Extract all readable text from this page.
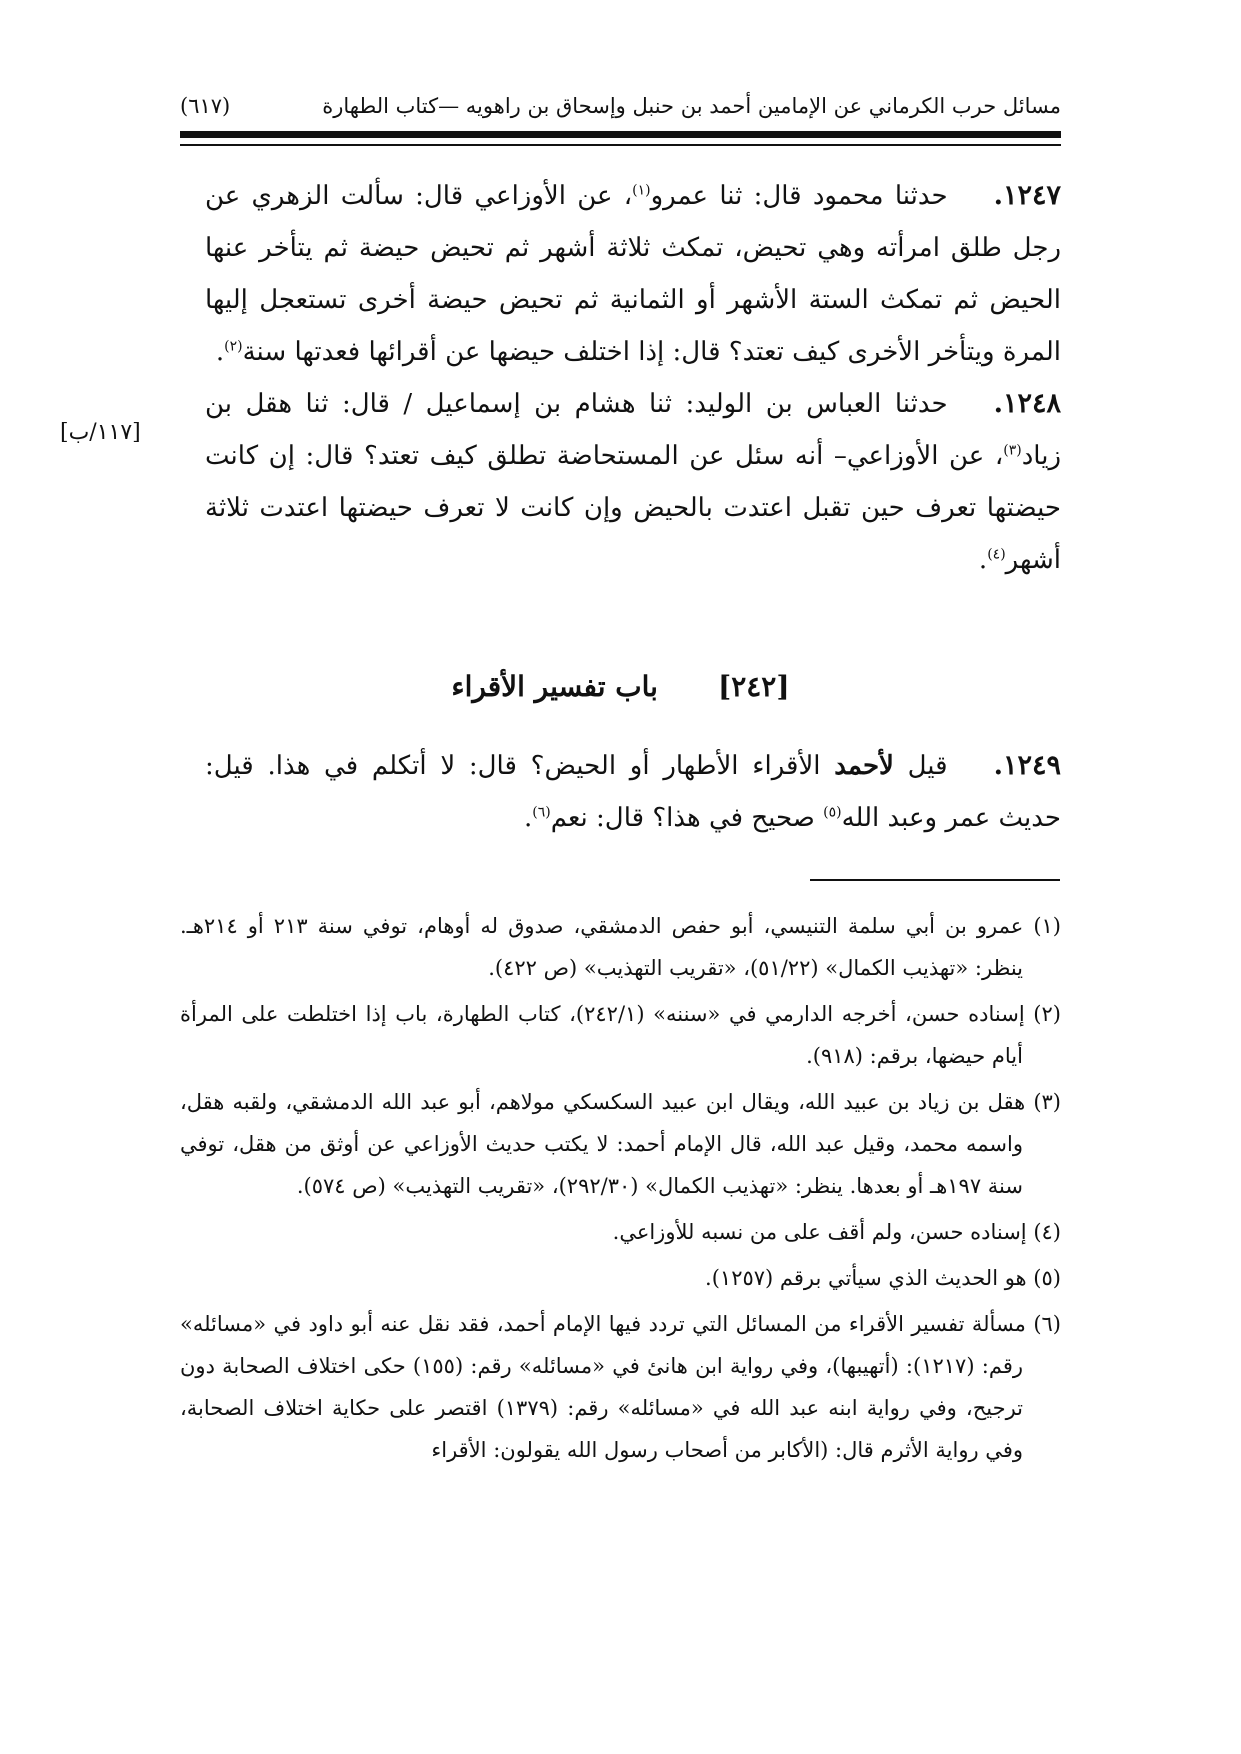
مسائل حرب الكرماني عن الإمامين أحمد بن حنبل وإسحاق بن راهويه —كتاب الطهارة
(٦١٧)
[١١٧/ب]
١٢٤٧.حدثنا محمود قال: ثنا عمرو$^{(١)}$، عن الأوزاعي قال: سألت الزهري عن رجل طلق امرأته وهي تحيض، تمكث ثلاثة أشهر ثم تحيض حيضة ثم يتأخر عنها الحيض ثم تمكث الستة الأشهر أو الثمانية ثم تحيض حيضة أخرى تستعجل إليها المرة ويتأخر الأخرى كيف تعتد؟ قال: إذا اختلف حيضها عن أقرائها فعدتها سنة$^{(٢)}$.
١٢٤٨.حدثنا العباس بن الوليد: ثنا هشام بن إسماعيل / قال: ثنا هقل بن زياد$^{(٣)}$، عن الأوزاعي– أنه سئل عن المستحاضة تطلق كيف تعتد؟ قال: إن كانت حيضتها تعرف حين تقبل اعتدت بالحيض وإن كانت لا تعرف حيضتها اعتدت ثلاثة أشهر$^{(٤)}$.
[٢٤٢]باب تفسير الأقراء
١٢٤٩.قيل لأحمد الأقراء الأطهار أو الحيض؟ قال: لا أتكلم في هذا. قيل: حديث عمر وعبد الله$^{(٥)}$ صحيح في هذا؟ قال: نعم$^{(٦)}$.

(١) عمرو بن أبي سلمة التنيسي، أبو حفص الدمشقي، صدوق له أوهام، توفي سنة ٢١٣ أو ٢١٤هـ. ينظر: «تهذيب الكمال» (٥١/٢٢)، «تقريب التهذيب» (ص ٤٢٢).

(٢) إسناده حسن، أخرجه الدارمي في «سننه» (٢٤٢/١)، كتاب الطهارة، باب إذا اختلطت على المرأة أيام حيضها، برقم: (٩١٨).

(٣) هقل بن زياد بن عبيد الله، ويقال ابن عبيد السكسكي مولاهم، أبو عبد الله الدمشقي، ولقبه هقل، واسمه محمد، وقيل عبد الله، قال الإمام أحمد: لا يكتب حديث الأوزاعي عن أوثق من هقل، توفي سنة ١٩٧هـ أو بعدها. ينظر: «تهذيب الكمال» (٢٩٢/٣٠)، «تقريب التهذيب» (ص ٥٧٤).

(٤) إسناده حسن، ولم أقف على من نسبه للأوزاعي.

(٥) هو الحديث الذي سيأتي برقم (١٢٥٧).

(٦) مسألة تفسير الأقراء من المسائل التي تردد فيها الإمام أحمد، فقد نقل عنه أبو داود في «مسائله» رقم: (١٢١٧): (أتهيبها)، وفي رواية ابن هانئ في «مسائله» رقم: (١٥٥) حكى اختلاف الصحابة دون ترجيح، وفي رواية ابنه عبد الله في «مسائله» رقم: (١٣٧٩) اقتصر على حكاية اختلاف الصحابة، وفي رواية الأثرم قال: (الأكابر من أصحاب رسول الله يقولون: الأقراء
